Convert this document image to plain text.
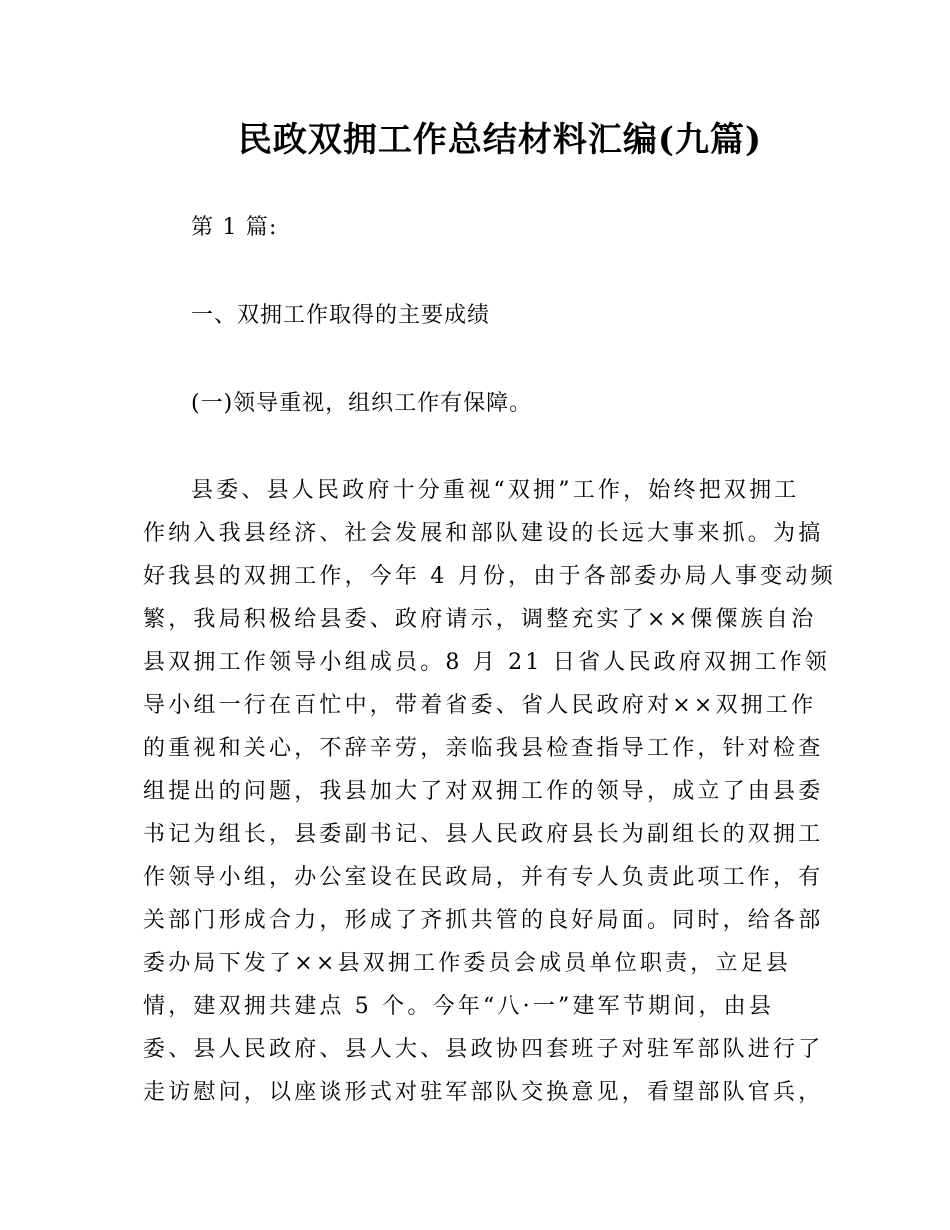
民政双拥工作总结材料汇编(九篇)
第 1 篇:
一、双拥工作取得的主要成绩
(一)领导重视，组织工作有保障。
县委、县人民政府十分重视“双拥”工作，始终把双拥工
作纳入我县经济、社会发展和部队建设的长远大事来抓。为搞
好我县的双拥工作，今年 4 月份，由于各部委办局人事变动频
繁，我局积极给县委、政府请示，调整充实了××傈僳族自治
县双拥工作领导小组成员。8 月 21 日省人民政府双拥工作领
导小组一行在百忙中，带着省委、省人民政府对××双拥工作
的重视和关心，不辞辛劳，亲临我县检查指导工作，针对检查
组提出的问题，我县加大了对双拥工作的领导，成立了由县委
书记为组长，县委副书记、县人民政府县长为副组长的双拥工
作领导小组，办公室设在民政局，并有专人负责此项工作，有
关部门形成合力，形成了齐抓共管的良好局面。同时，给各部
委办局下发了××县双拥工作委员会成员单位职责，立足县
情，建双拥共建点 5 个。今年“八·一”建军节期间，由县
委、县人民政府、县人大、县政协四套班子对驻军部队进行了
走访慰问，以座谈形式对驻军部队交换意见，看望部队官兵，
